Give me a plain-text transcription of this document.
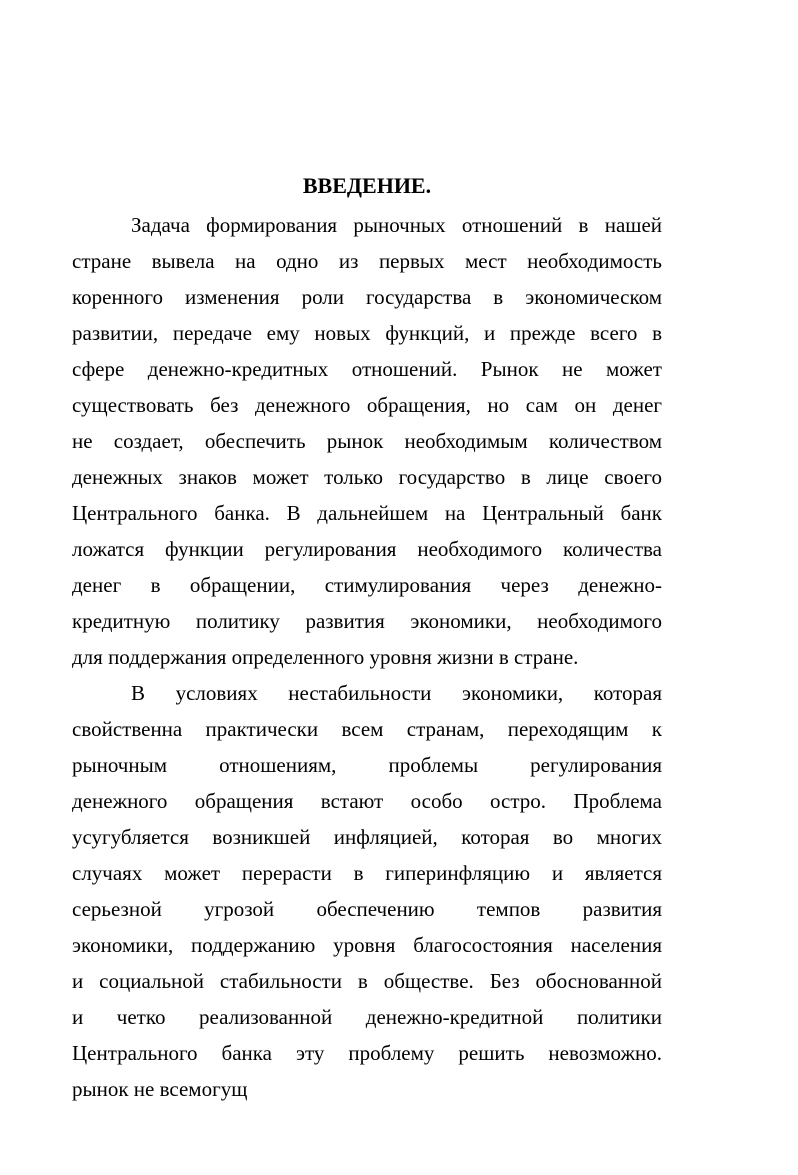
ВВЕДЕНИЕ.
Задача формирования рыночных отношений в нашей
стране вывела на одно из первых мест необходимость
коренного изменения роли государства в экономическом
развитии, передаче ему новых функций, и прежде всего в
сфере денежно-кредитных отношений. Рынок не может
существовать без денежного обращения, но сам он денег
не создает, обеспечить рынок необходимым количеством
денежных знаков может только государство в лице своего
Центрального банка. В дальнейшем на Центральный банк
ложатся функции регулирования необходимого количества
денег в обращении, стимулирования через денежно-
кредитную политику развития экономики, необходимого
для поддержания определенного уровня жизни в стране.
В условиях нестабильности экономики, которая
свойственна практически всем странам, переходящим к
рыночным отношениям, проблемы регулирования
денежного обращения встают особо остро. Проблема
усугубляется возникшей инфляцией, которая во многих
случаях может перерасти в гиперинфляцию и является
серьезной угрозой обеспечению темпов развития
экономики, поддержанию уровня благосостояния населения
и социальной стабильности в обществе. Без обоснованной
и четко реализованной денежно-кредитной политики
Центрального банка эту проблему решить невозможно.
рынок не всемогущ
